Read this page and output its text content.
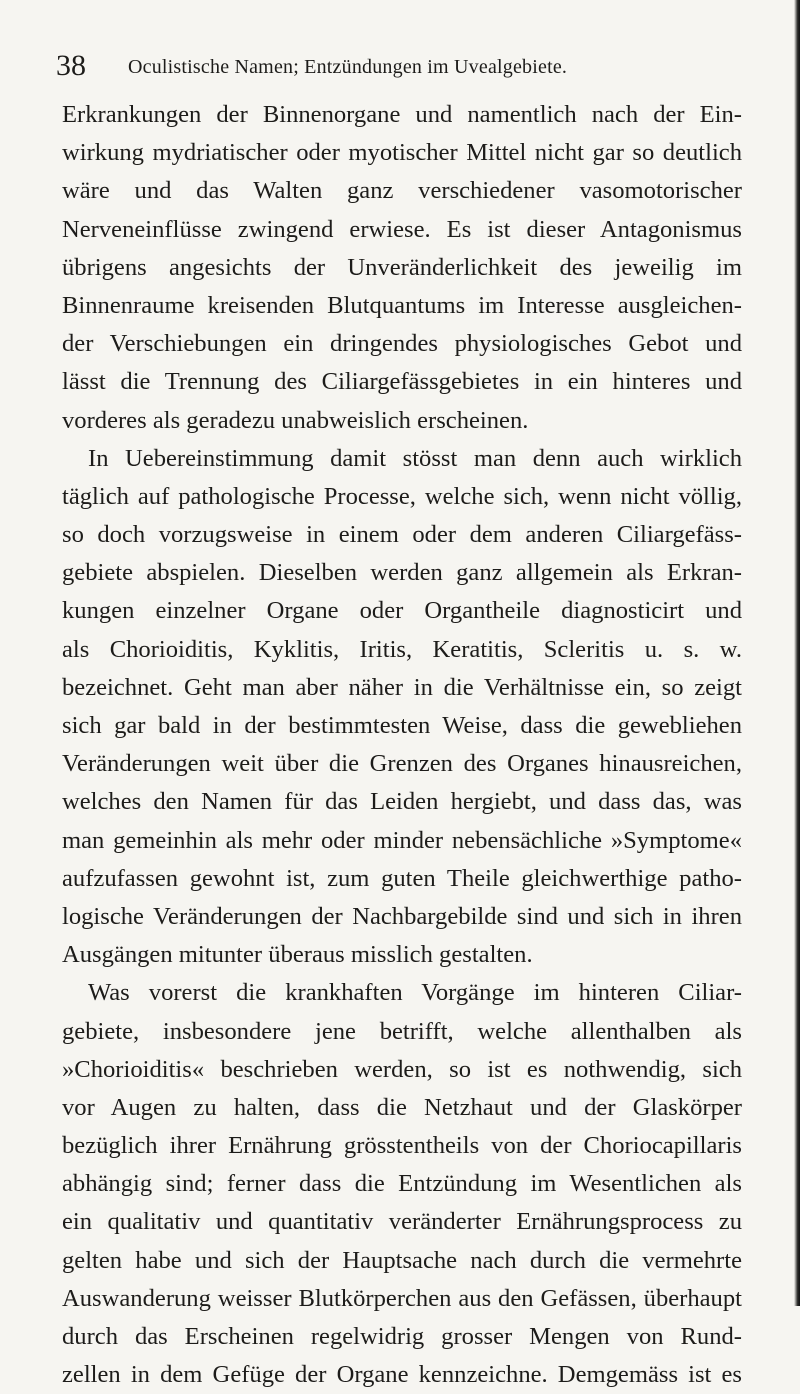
38 Oculistische Namen; Entzündungen im Uvealgebiete.
Erkrankungen der Binnenorgane und namentlich nach der Ein-
wirkung mydriatischer oder myotischer Mittel nicht gar so deutlich
wäre und das Walten ganz verschiedener vasomotorischer
Nerveneinflüsse zwingend erwiese. Es ist dieser Antagonismus
übrigens angesichts der Unveränderlichkeit des jeweilig im
Binnenraume kreisenden Blutquantums im Interesse ausgleichen-
der Verschiebungen ein dringendes physiologisches Gebot und
lässt die Trennung des Ciliargefässgebietes in ein hinteres und
vorderes als geradezu unabweislich erscheinen.
In Uebereinstimmung damit stösst man denn auch wirklich
täglich auf pathologische Processe, welche sich, wenn nicht völlig,
so doch vorzugsweise in einem oder dem anderen Ciliargefäss-
gebiete abspielen. Dieselben werden ganz allgemein als Erkran-
kungen einzelner Organe oder Organtheile diagnosticirt und
als Chorioiditis, Kyklitis, Iritis, Keratitis, Scleritis u. s. w.
bezeichnet. Geht man aber näher in die Verhältnisse ein, so zeigt
sich gar bald in der bestimmtesten Weise, dass die gewebliehen
Veränderungen weit über die Grenzen des Organes hinausreichen,
welches den Namen für das Leiden hergiebt, und dass das, was
man gemeinhin als mehr oder minder nebensächliche »Symptome«
aufzufassen gewohnt ist, zum guten Theile gleichwerthige patho-
logische Veränderungen der Nachbargebilde sind und sich in ihren
Ausgängen mitunter überaus misslich gestalten.
Was vorerst die krankhaften Vorgänge im hinteren Ciliar-
gebiete, insbesondere jene betrifft, welche allenthalben als
»Chorioiditis« beschrieben werden, so ist es nothwendig, sich
vor Augen zu halten, dass die Netzhaut und der Glaskörper
bezüglich ihrer Ernährung grösstentheils von der Choriocapillaris
abhängig sind; ferner dass die Entzündung im Wesentlichen als
ein qualitativ und quantitativ veränderter Ernährungsprocess zu
gelten habe und sich der Hauptsache nach durch die vermehrte
Auswanderung weisser Blutkörperchen aus den Gefässen, überhaupt
durch das Erscheinen regelwidrig grosser Mengen von Rund-
zellen in dem Gefüge der Organe kennzeichne. Demgemäss ist es
